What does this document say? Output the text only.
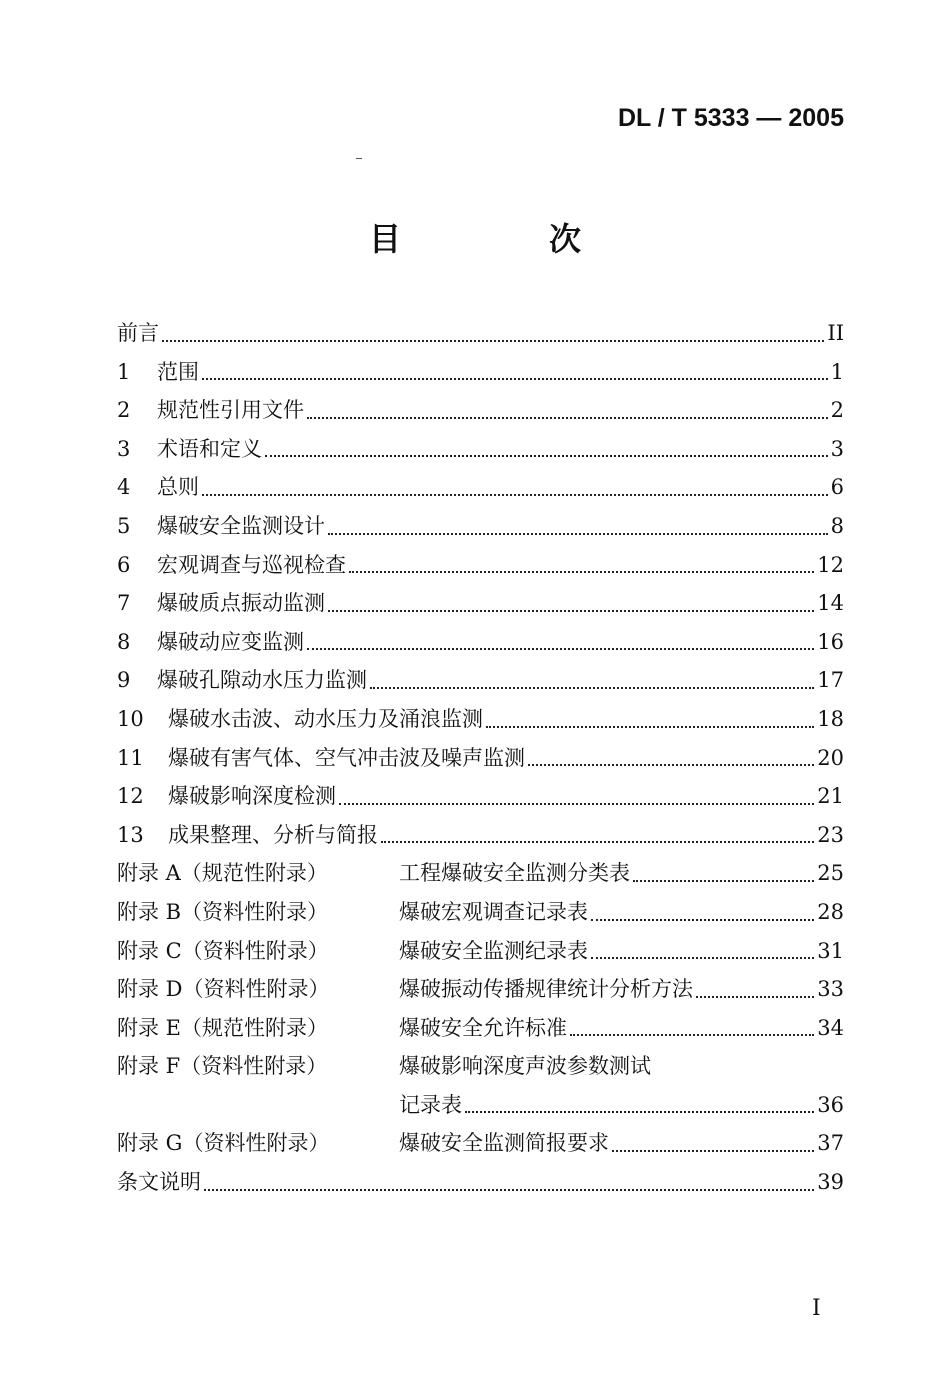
DL / T 5333 — 2005
目　次
前言	II
1	范围	1
2	规范性引用文件	2
3	术语和定义	3
4	总则	6
5	爆破安全监测设计	8
6	宏观调查与巡视检查	12
7	爆破质点振动监测	14
8	爆破动应变监测	16
9	爆破孔隙动水压力监测	17
10	爆破水击波、动水压力及涌浪监测	18
11	爆破有害气体、空气冲击波及噪声监测	20
12	爆破影响深度检测	21
13	成果整理、分析与简报	23
附录 A（规范性附录）	工程爆破安全监测分类表	25
附录 B（资料性附录）	爆破宏观调查记录表	28
附录 C（资料性附录）	爆破安全监测纪录表	31
附录 D（资料性附录）	爆破振动传播规律统计分析方法	33
附录 E（规范性附录）	爆破安全允许标准	34
附录 F（资料性附录）	爆破影响深度声波参数测试
记录表	36
附录 G（资料性附录）	爆破安全监测简报要求	37
条文说明	39
I
